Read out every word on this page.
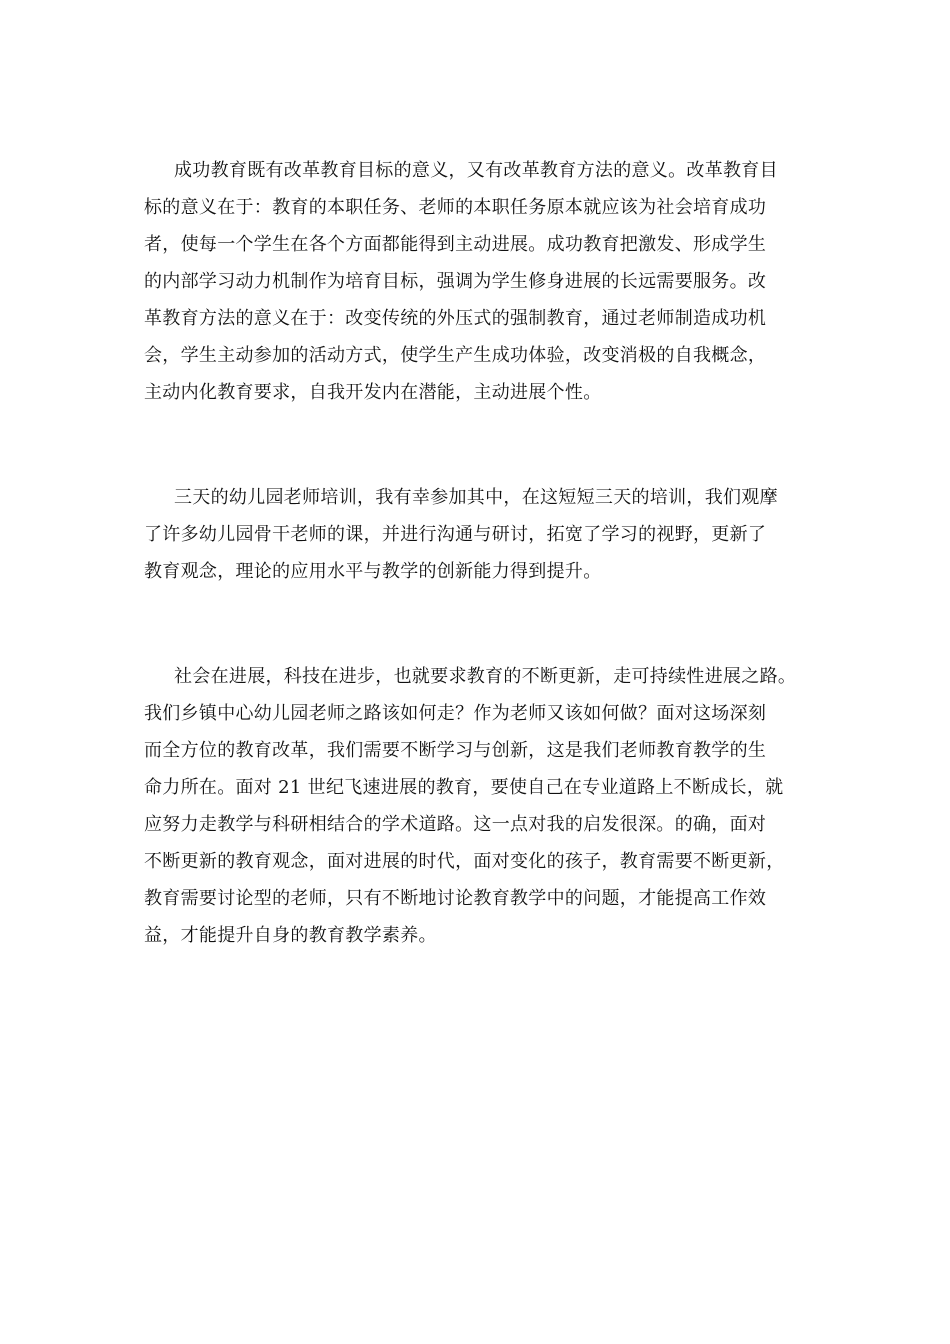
成功教育既有改革教育目标的意义，又有改革教育方法的意义。改革教育目
标的意义在于：教育的本职任务、老师的本职任务原本就应该为社会培育成功
者，使每一个学生在各个方面都能得到主动进展。成功教育把激发、形成学生
的内部学习动力机制作为培育目标，强调为学生修身进展的长远需要服务。改
革教育方法的意义在于：改变传统的外压式的强制教育，通过老师制造成功机
会，学生主动参加的活动方式，使学生产生成功体验，改变消极的自我概念，
主动内化教育要求，自我开发内在潜能，主动进展个性。

三天的幼儿园老师培训，我有幸参加其中，在这短短三天的培训，我们观摩
了许多幼儿园骨干老师的课，并进行沟通与研讨，拓宽了学习的视野，更新了
教育观念，理论的应用水平与教学的创新能力得到提升。

社会在进展，科技在进步，也就要求教育的不断更新，走可持续性进展之路。
我们乡镇中心幼儿园老师之路该如何走？作为老师又该如何做？面对这场深刻
而全方位的教育改革，我们需要不断学习与创新，这是我们老师教育教学的生
命力所在。面对 21 世纪飞速进展的教育，要使自己在专业道路上不断成长，就
应努力走教学与科研相结合的学术道路。这一点对我的启发很深。的确，面对
不断更新的教育观念，面对进展的时代，面对变化的孩子，教育需要不断更新，
教育需要讨论型的老师，只有不断地讨论教育教学中的问题，才能提高工作效
益，才能提升自身的教育教学素养。
